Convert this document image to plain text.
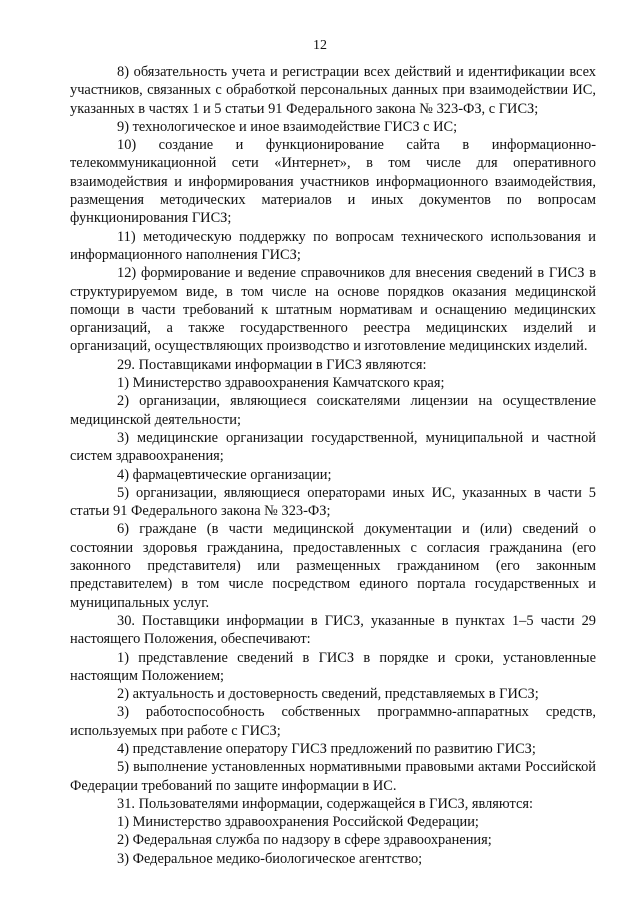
12

8) обязательность учета и регистрации всех действий и идентификации всех участников, связанных с обработкой персональных данных при взаимодействии ИС, указанных в частях 1 и 5 статьи 91 Федерального закона № 323-ФЗ, с ГИСЗ;

9) технологическое и иное взаимодействие ГИСЗ с ИС;

10) создание и функционирование сайта в информационно-телекоммуникационной сети «Интернет», в том числе для оперативного взаимодействия и информирования участников информационного взаимодействия, размещения методических материалов и иных документов по вопросам функционирования ГИСЗ;

11) методическую поддержку по вопросам технического использования и информационного наполнения ГИСЗ;

12) формирование и ведение справочников для внесения сведений в ГИСЗ в структурируемом виде, в том числе на основе порядков оказания медицинской помощи в части требований к штатным нормативам и оснащению медицинских организаций, а также государственного реестра медицинских изделий и организаций, осуществляющих производство и изготовление медицинских изделий.

29. Поставщиками информации в ГИСЗ являются:

1) Министерство здравоохранения Камчатского края;

2) организации, являющиеся соискателями лицензии на осуществление медицинской деятельности;

3) медицинские организации государственной, муниципальной и частной систем здравоохранения;

4) фармацевтические организации;

5) организации, являющиеся операторами иных ИС, указанных в части 5 статьи 91 Федерального закона № 323-ФЗ;

6) граждане (в части медицинской документации и (или) сведений о состоянии здоровья гражданина, предоставленных с согласия гражданина (его законного представителя) или размещенных гражданином (его законным представителем) в том числе посредством единого портала государственных и муниципальных услуг.

30. Поставщики информации в ГИСЗ, указанные в пунктах 1–5 части 29 настоящего Положения, обеспечивают:

1) представление сведений в ГИСЗ в порядке и сроки, установленные настоящим Положением;

2) актуальность и достоверность сведений, представляемых в ГИСЗ;

3) работоспособность собственных программно-аппаратных средств, используемых при работе с ГИСЗ;

4) представление оператору ГИСЗ предложений по развитию ГИСЗ;

5) выполнение установленных нормативными правовыми актами Российской Федерации требований по защите информации в ИС.

31. Пользователями информации, содержащейся в ГИСЗ, являются:

1) Министерство здравоохранения Российской Федерации;

2) Федеральная служба по надзору в сфере здравоохранения;

3) Федеральное медико-биологическое агентство;
